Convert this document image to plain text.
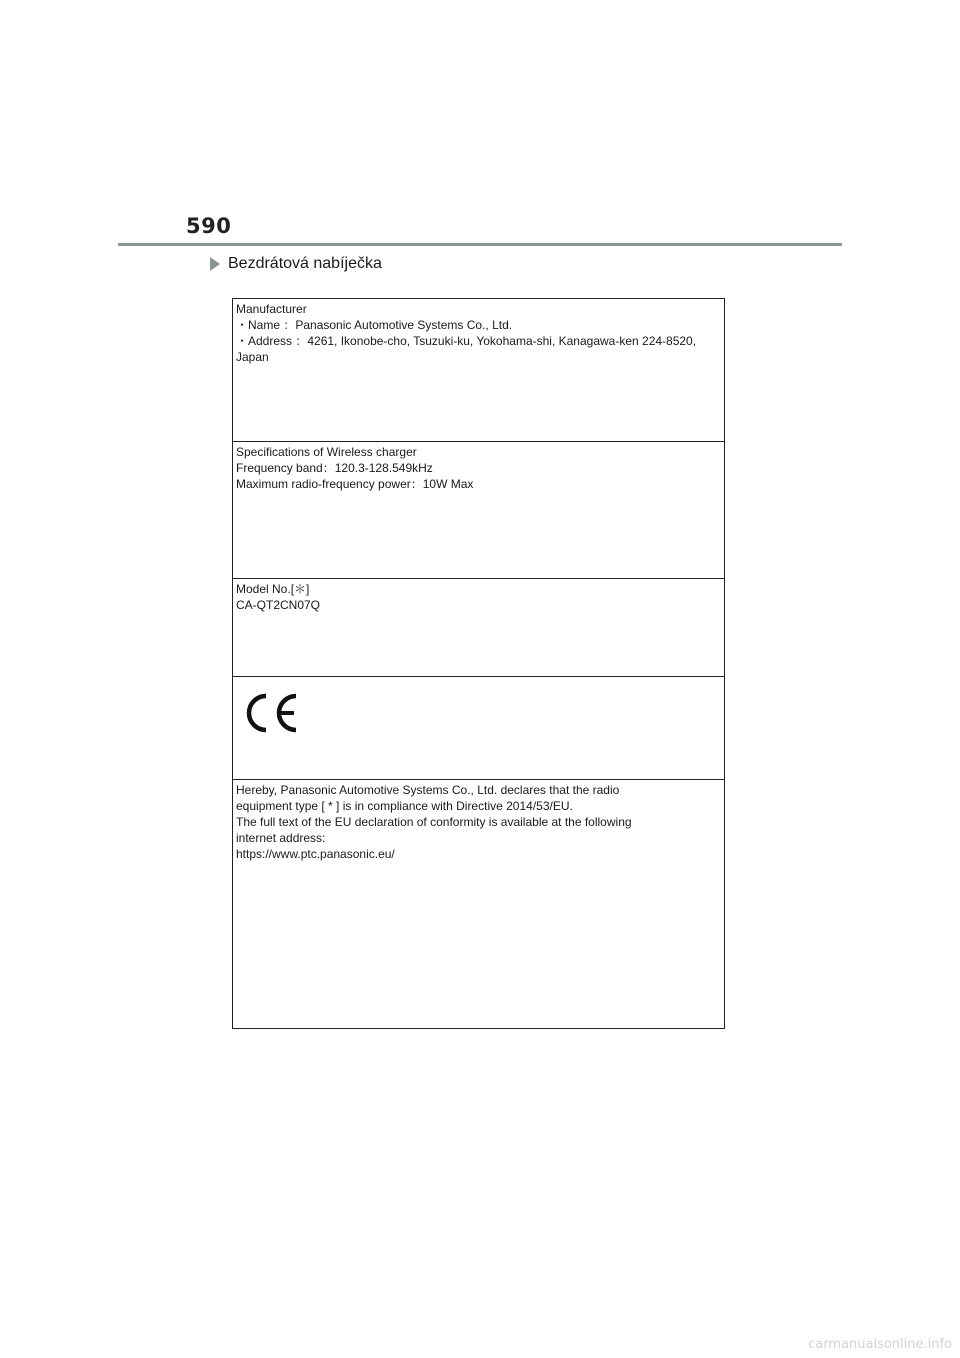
590
Bezdrátová nabíječka
Manufacturer
・Name ：Panasonic Automotive Systems Co., Ltd.
・Address ：4261, Ikonobe-cho, Tsuzuki-ku, Yokohama-shi, Kanagawa-ken 224-8520,
Japan
Specifications of Wireless charger
Frequency band：120.3-128.549kHz
Maximum radio-frequency power：10W Max
Model No.[＊]
CA-QT2CN07Q
Hereby, Panasonic Automotive Systems Co., Ltd. declares that the radio
equipment type [ * ] is in compliance with Directive 2014/53/EU.
The full text of the EU declaration of conformity is available at the following
internet address:
https://www.ptc.panasonic.eu/
carmanualsonline.info
